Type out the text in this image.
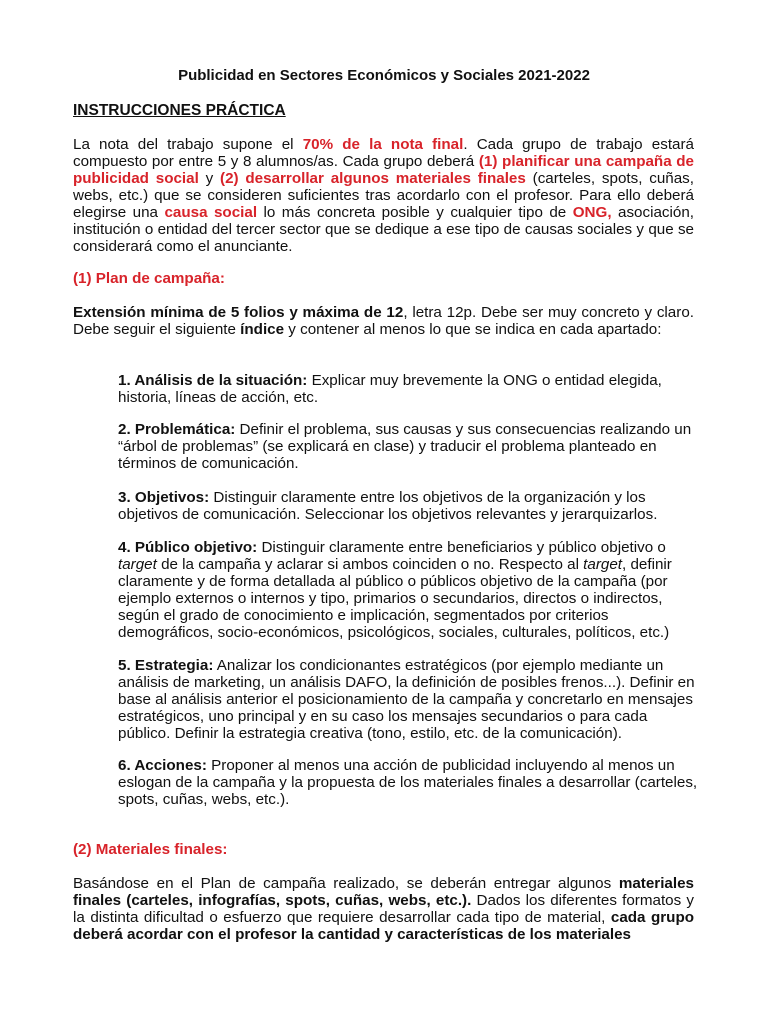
Publicidad en Sectores Económicos y Sociales 2021-2022
INSTRUCCIONES PRÁCTICA
La nota del trabajo supone el 70% de la nota final. Cada grupo de trabajo estará compuesto por entre 5 y 8 alumnos/as. Cada grupo deberá (1) planificar una campaña de publicidad social y (2) desarrollar algunos materiales finales (carteles, spots, cuñas, webs, etc.) que se consideren suficientes tras acordarlo con el profesor. Para ello deberá elegirse una causa social lo más concreta posible y cualquier tipo de ONG, asociación, institución o entidad del tercer sector que se dedique a ese tipo de causas sociales y que se considerará como el anunciante.
(1) Plan de campaña:
Extensión mínima de 5 folios y máxima de 12, letra 12p. Debe ser muy concreto y claro. Debe seguir el siguiente índice y contener al menos lo que se indica en cada apartado:
1. Análisis de la situación: Explicar muy brevemente la ONG o entidad elegida, historia, líneas de acción, etc.
2. Problemática: Definir el problema, sus causas y sus consecuencias realizando un “árbol de problemas” (se explicará en clase) y traducir el problema planteado en términos de comunicación.
3. Objetivos: Distinguir claramente entre los objetivos de la organización y los objetivos de comunicación. Seleccionar los objetivos relevantes y jerarquizarlos.
4. Público objetivo: Distinguir claramente entre beneficiarios y público objetivo o target de la campaña y aclarar si ambos coinciden o no. Respecto al target, definir claramente y de forma detallada al público o públicos objetivo de la campaña (por ejemplo externos o internos y tipo, primarios o secundarios, directos o indirectos, según el grado de conocimiento e implicación, segmentados por criterios demográficos, socio-económicos, psicológicos, sociales, culturales, políticos, etc.)
5. Estrategia: Analizar los condicionantes estratégicos (por ejemplo mediante un análisis de marketing, un análisis DAFO, la definición de posibles frenos...). Definir en base al análisis anterior el posicionamiento de la campaña y concretarlo en mensajes estratégicos, uno principal y en su caso los mensajes secundarios o para cada público. Definir la estrategia creativa (tono, estilo, etc. de la comunicación).
6. Acciones: Proponer al menos una acción de publicidad incluyendo al menos un eslogan de la campaña y la propuesta de los materiales finales a desarrollar (carteles, spots, cuñas, webs, etc.).
(2) Materiales finales:
Basándose en el Plan de campaña realizado, se deberán entregar algunos materiales finales (carteles, infografías, spots, cuñas, webs, etc.). Dados los diferentes formatos y la distinta dificultad o esfuerzo que requiere desarrollar cada tipo de material, cada grupo deberá acordar con el profesor la cantidad y características de los materiales
